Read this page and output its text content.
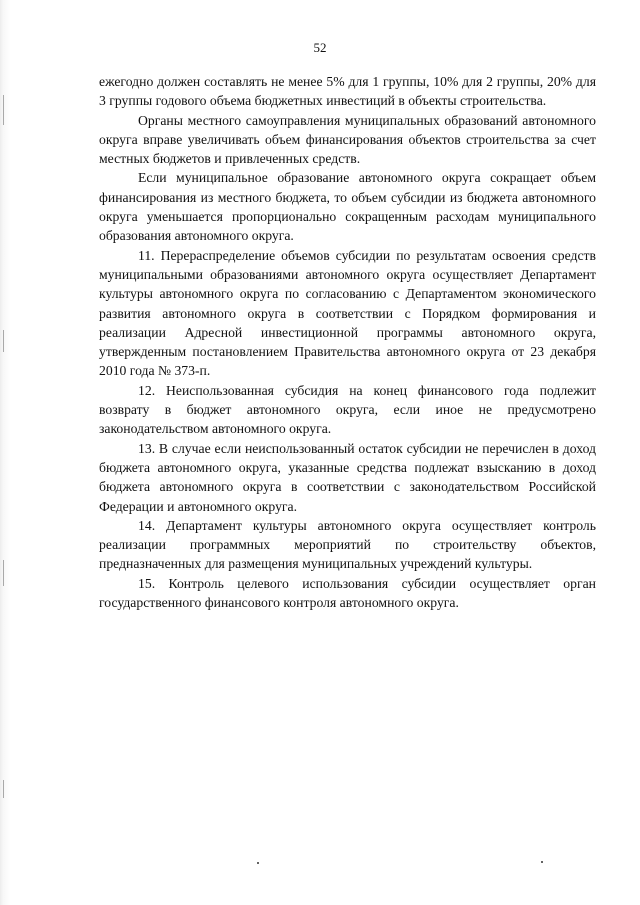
52

ежегодно должен составлять не менее 5% для 1 группы, 10% для 2 группы, 20% для 3 группы годового объема бюджетных инвестиций в объекты строительства.

Органы местного самоуправления муниципальных образований автономного округа вправе увеличивать объем финансирования объектов строительства за счет местных бюджетов и привлеченных средств.

Если муниципальное образование автономного округа сокращает объем финансирования из местного бюджета, то объем субсидии из бюджета автономного округа уменьшается пропорционально сокращенным расходам муниципального образования автономного округа.

11. Перераспределение объемов субсидии по результатам освоения средств муниципальными образованиями автономного округа осуществляет Департамент культуры автономного округа по согласованию с Департаментом экономического развития автономного округа в соответствии с Порядком формирования и реализации Адресной инвестиционной программы автономного округа, утвержденным постановлением Правительства автономного округа от 23 декабря 2010 года № 373-п.

12. Неиспользованная субсидия на конец финансового года подлежит возврату в бюджет автономного округа, если иное не предусмотрено законодательством автономного округа.

13. В случае если неиспользованный остаток субсидии не перечислен в доход бюджета автономного округа, указанные средства подлежат взысканию в доход бюджета автономного округа в соответствии с законодательством Российской Федерации и автономного округа.

14. Департамент культуры автономного округа осуществляет контроль реализации программных мероприятий по строительству объектов, предназначенных для размещения муниципальных учреждений культуры.

15. Контроль целевого использования субсидии осуществляет орган государственного финансового контроля автономного округа.
